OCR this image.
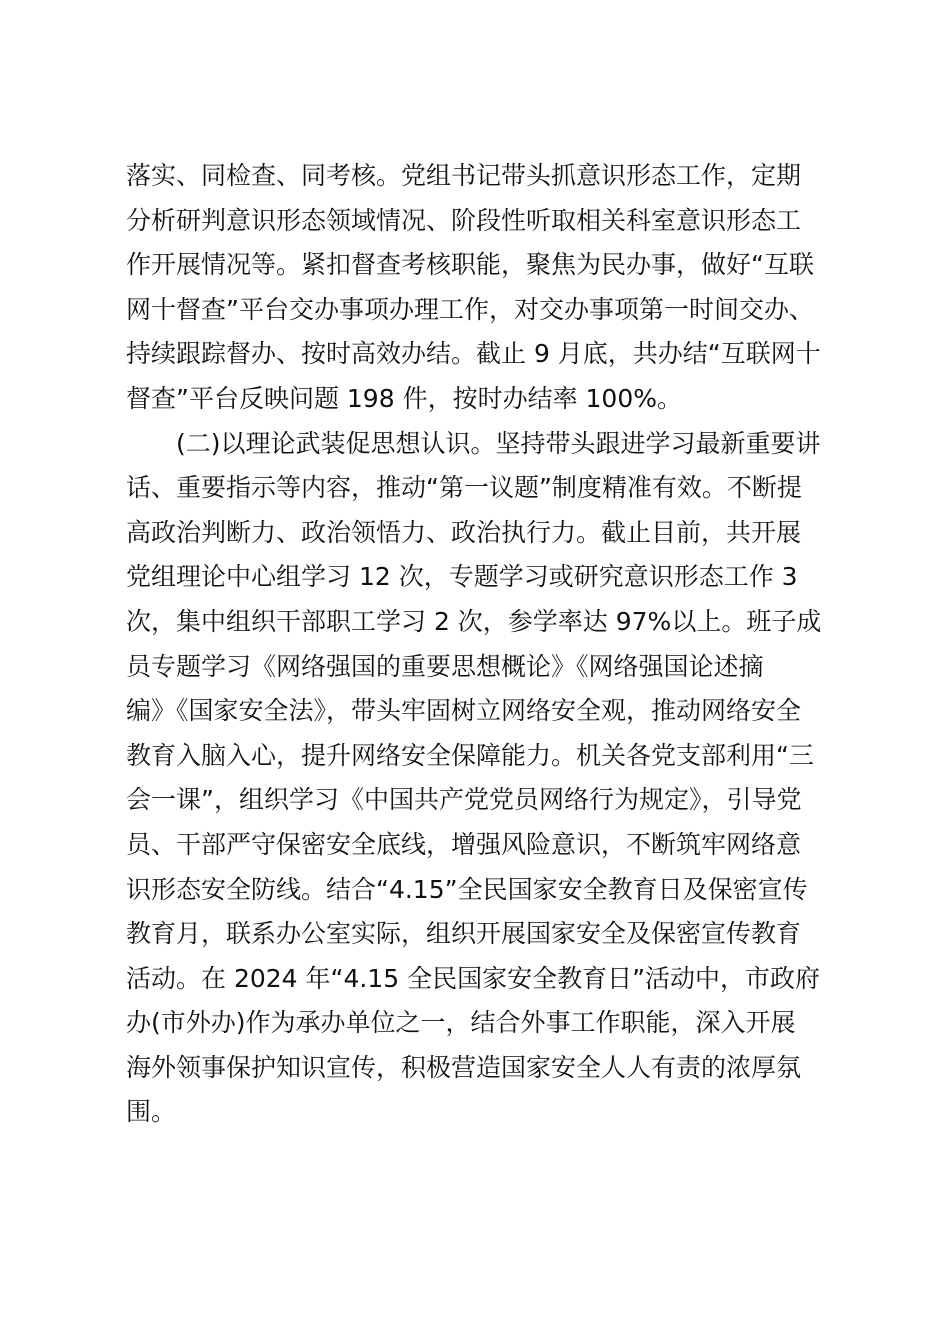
落实、同检查、同考核。党组书记带头抓意识形态工作，定期
分析研判意识形态领域情况、阶段性听取相关科室意识形态工
作开展情况等。紧扣督查考核职能，聚焦为民办事，做好“互联
网十督查”平台交办事项办理工作，对交办事项第一时间交办、
持续跟踪督办、按时高效办结。截止 9 月底，共办结“互联网十
督查”平台反映问题 198 件，按时办结率 100%。
　　(二)以理论武装促思想认识。坚持带头跟进学习最新重要讲
话、重要指示等内容，推动“第一议题”制度精准有效。不断提
高政治判断力、政治领悟力、政治执行力。截止目前，共开展
党组理论中心组学习 12 次，专题学习或研究意识形态工作 3
次，集中组织干部职工学习 2 次，参学率达 97%以上。班子成
员专题学习《网络强国的重要思想概论》《网络强国论述摘
编》《国家安全法》，带头牢固树立网络安全观，推动网络安全
教育入脑入心，提升网络安全保障能力。机关各党支部利用“三
会一课”，组织学习《中国共产党党员网络行为规定》，引导党
员、干部严守保密安全底线，增强风险意识，不断筑牢网络意
识形态安全防线。结合“4.15”全民国家安全教育日及保密宣传
教育月，联系办公室实际，组织开展国家安全及保密宣传教育
活动。在 2024 年“4.15 全民国家安全教育日”活动中，市政府
办(市外办)作为承办单位之一，结合外事工作职能，深入开展
海外领事保护知识宣传，积极营造国家安全人人有责的浓厚氛
围。
